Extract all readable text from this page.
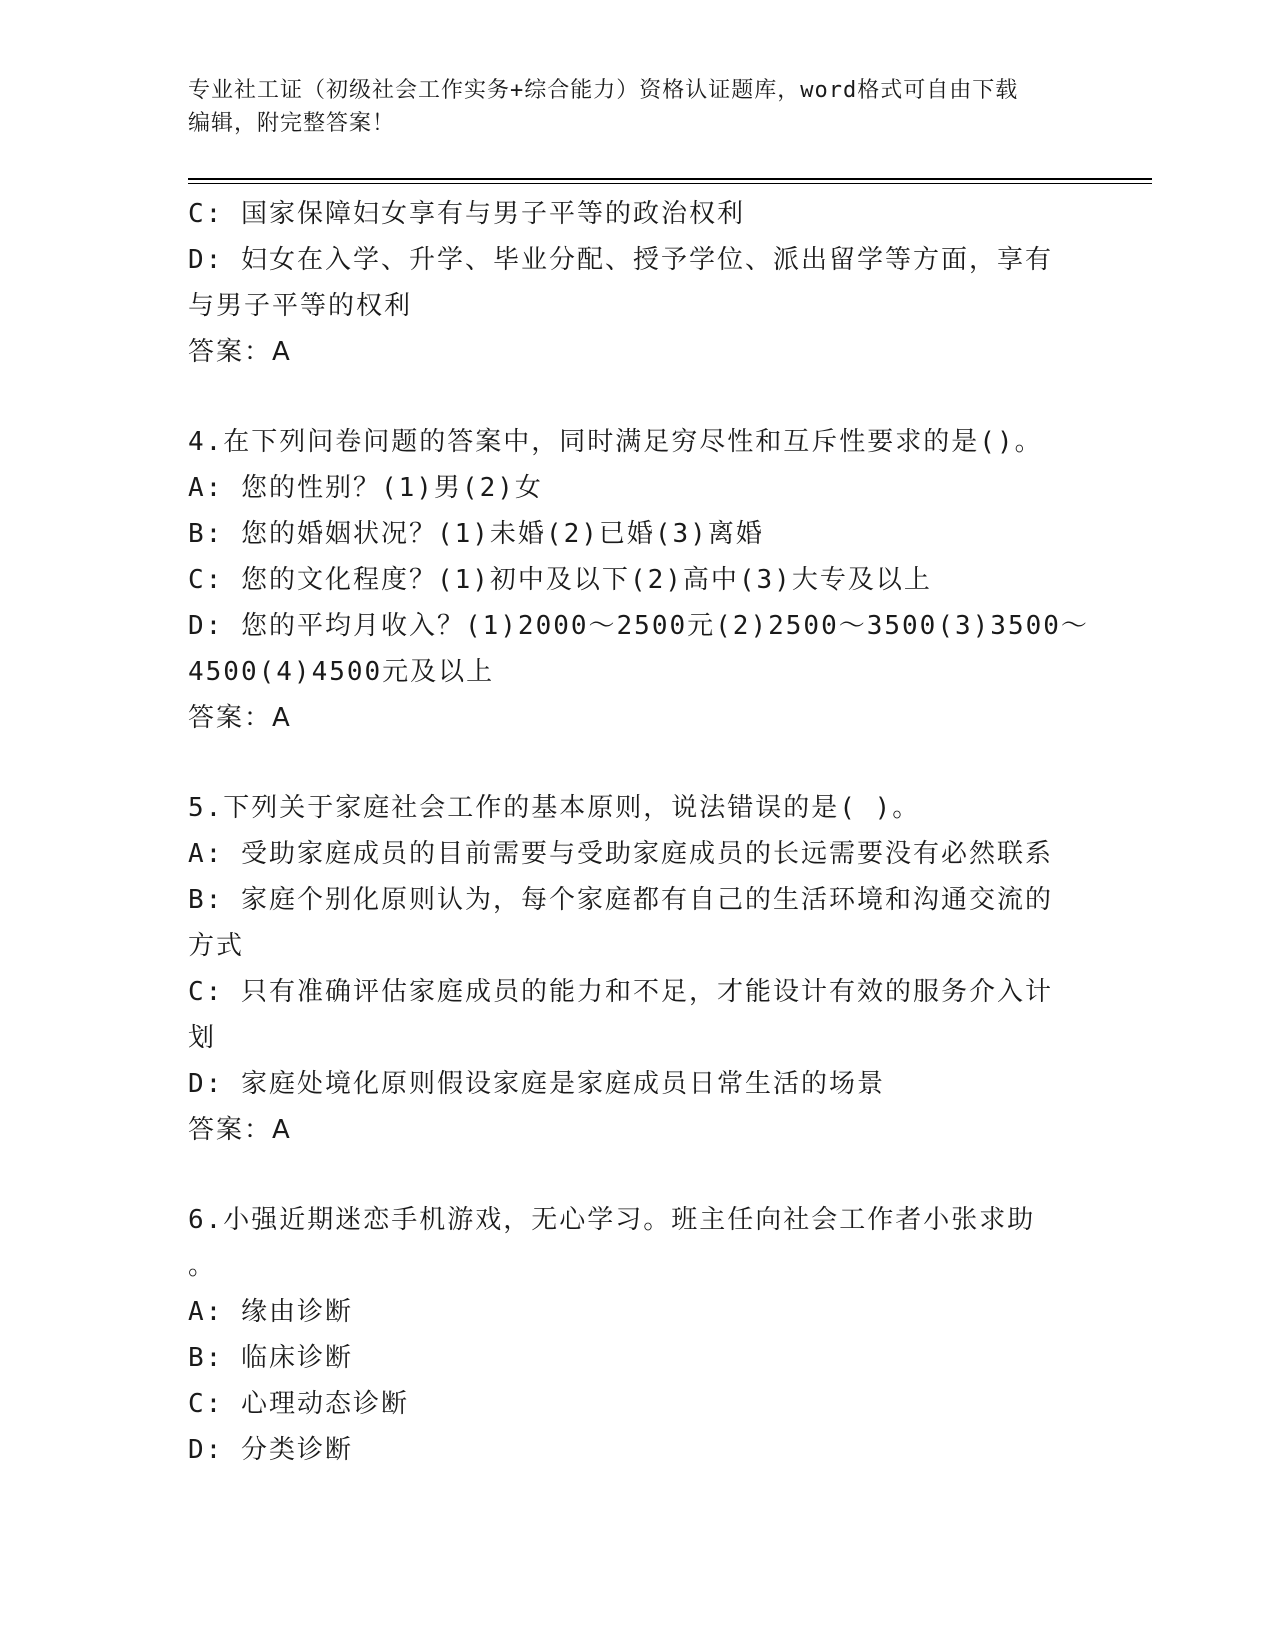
专业社工证（初级社会工作实务+综合能力）资格认证题库，word格式可自由下载
编辑，附完整答案！
C: 国家保障妇女享有与男子平等的政治权利
D: 妇女在入学、升学、毕业分配、授予学位、派出留学等方面，享有
与男子平等的权利
答案：A
4.在下列问卷问题的答案中，同时满足穷尽性和互斥性要求的是()。
A: 您的性别？(1)男(2)女
B: 您的婚姻状况？(1)未婚(2)已婚(3)离婚
C: 您的文化程度？(1)初中及以下(2)高中(3)大专及以上
D: 您的平均月收入？(1)2000～2500元(2)2500～3500(3)3500～
4500(4)4500元及以上
答案：A
5.下列关于家庭社会工作的基本原则，说法错误的是( )。
A: 受助家庭成员的目前需要与受助家庭成员的长远需要没有必然联系
B: 家庭个别化原则认为，每个家庭都有自己的生活环境和沟通交流的
方式
C: 只有准确评估家庭成员的能力和不足，才能设计有效的服务介入计
划
D: 家庭处境化原则假设家庭是家庭成员日常生活的场景
答案：A
6.小强近期迷恋手机游戏，无心学习。班主任向社会工作者小张求助
。
A: 缘由诊断
B: 临床诊断
C: 心理动态诊断
D: 分类诊断
